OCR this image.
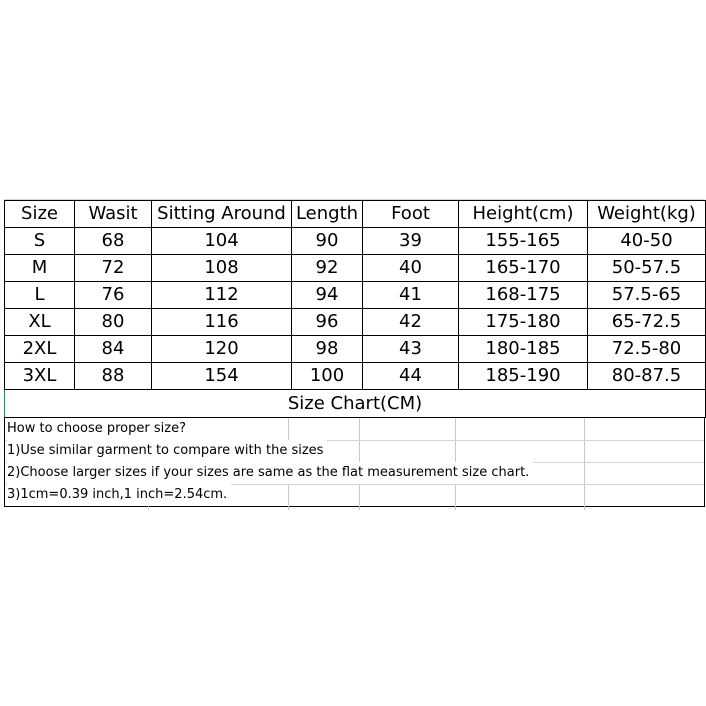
Size	Wasit	Sitting Around	Length	Foot	Height(cm)	Weight(kg)
S	68	104	90	39	155-165	40-50
M	72	108	92	40	165-170	50-57.5
L	76	112	94	41	168-175	57.5-65
XL	80	116	96	42	175-180	65-72.5
2XL	84	120	98	43	180-185	72.5-80
3XL	88	154	100	44	185-190	80-87.5
Size Chart(CM)						
How to choose proper size?
1)Use similar garment to compare with the sizes
2)Choose larger sizes if your sizes are same as the flat measurement size chart.
3)1cm=0.39 inch,1 inch=2.54cm.
